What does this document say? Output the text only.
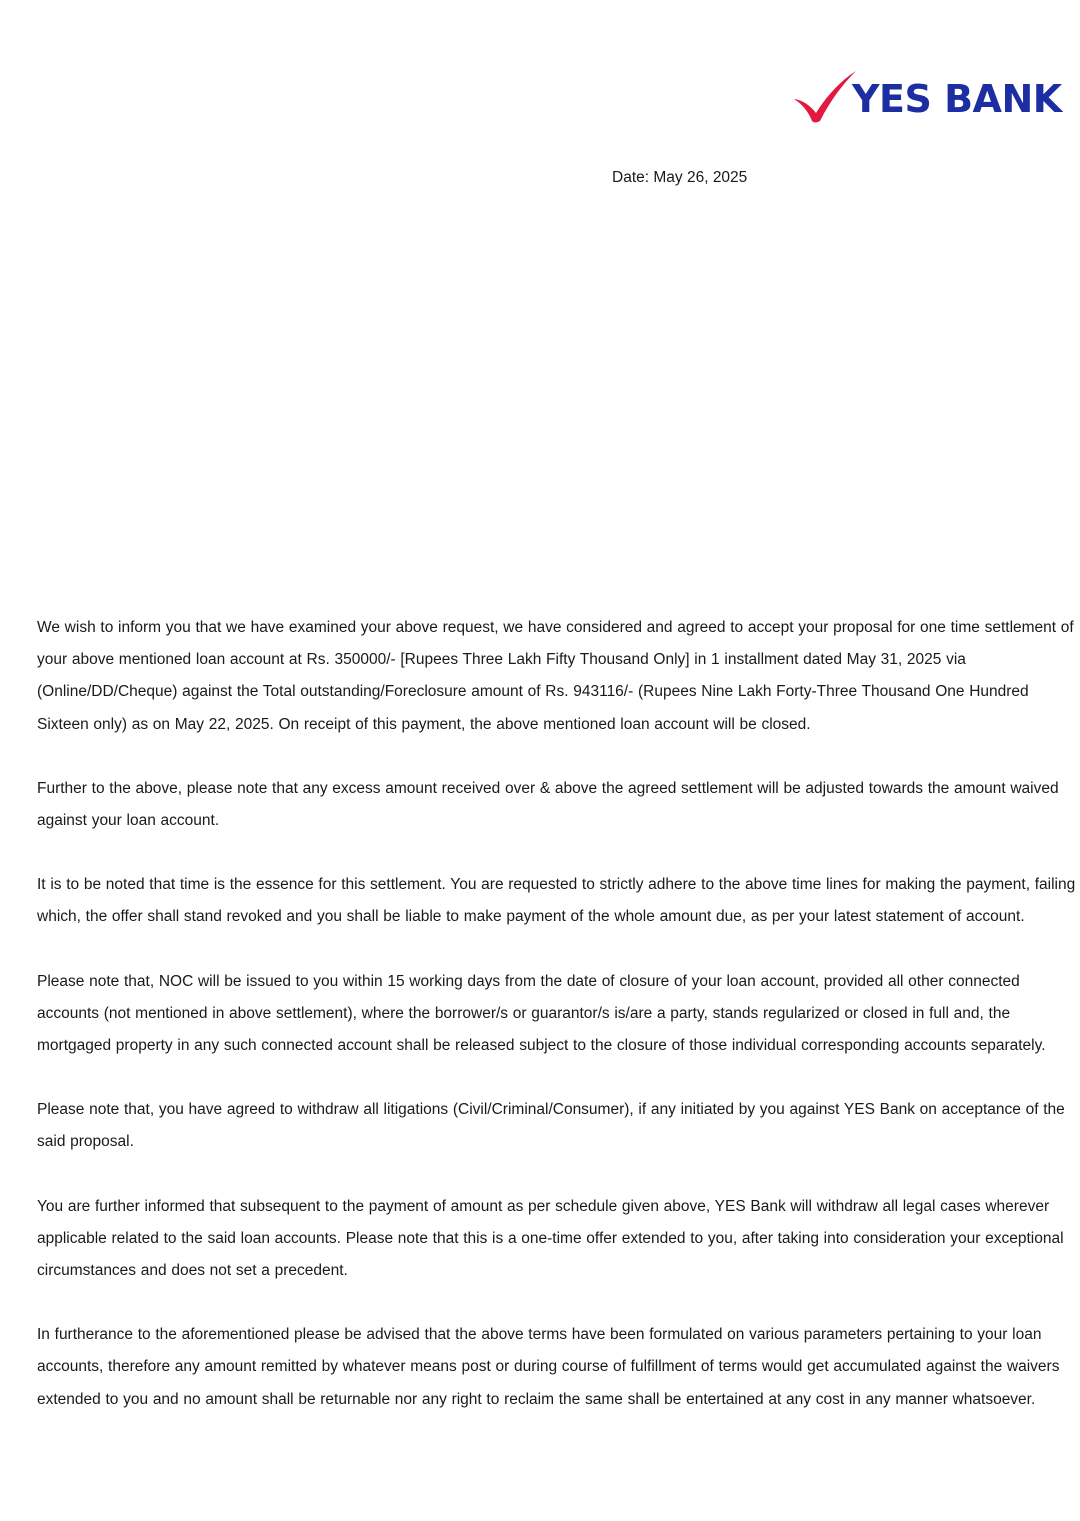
YES BANK
Date: May 26, 2025

We wish to inform you that we have examined your above request, we have considered and agreed to accept your proposal for one time settlement of your above mentioned loan account at Rs. 350000/- [Rupees Three Lakh Fifty Thousand Only] in 1 installment dated May 31, 2025 via (Online/DD/Cheque) against the Total outstanding/Foreclosure amount of Rs. 943116/- (Rupees Nine Lakh Forty-Three Thousand One Hundred Sixteen only) as on May 22, 2025. On receipt of this payment, the above mentioned loan account will be closed.

Further to the above, please note that any excess amount received over & above the agreed settlement will be adjusted towards the amount waived against your loan account.

It is to be noted that time is the essence for this settlement. You are requested to strictly adhere to the above time lines for making the payment, failing which, the offer shall stand revoked and you shall be liable to make payment of the whole amount due, as per your latest statement of account.

Please note that, NOC will be issued to you within 15 working days from the date of closure of your loan account, provided all other connected accounts (not mentioned in above settlement), where the borrower/s or guarantor/s is/are a party, stands regularized or closed in full and, the mortgaged property in any such connected account shall be released subject to the closure of those individual corresponding accounts separately.

Please note that, you have agreed to withdraw all litigations (Civil/Criminal/Consumer), if any initiated by you against YES Bank on acceptance of the said proposal.

You are further informed that subsequent to the payment of amount as per schedule given above, YES Bank will withdraw all legal cases wherever applicable related to the said loan accounts. Please note that this is a one-time offer extended to you, after taking into consideration your exceptional circumstances and does not set a precedent.

In furtherance to the aforementioned please be advised that the above terms have been formulated on various parameters pertaining to your loan accounts, therefore any amount remitted by whatever means post or during course of fulfillment of terms would get accumulated against the waivers extended to you and no amount shall be returnable nor any right to reclaim the same shall be entertained at any cost in any manner whatsoever.
